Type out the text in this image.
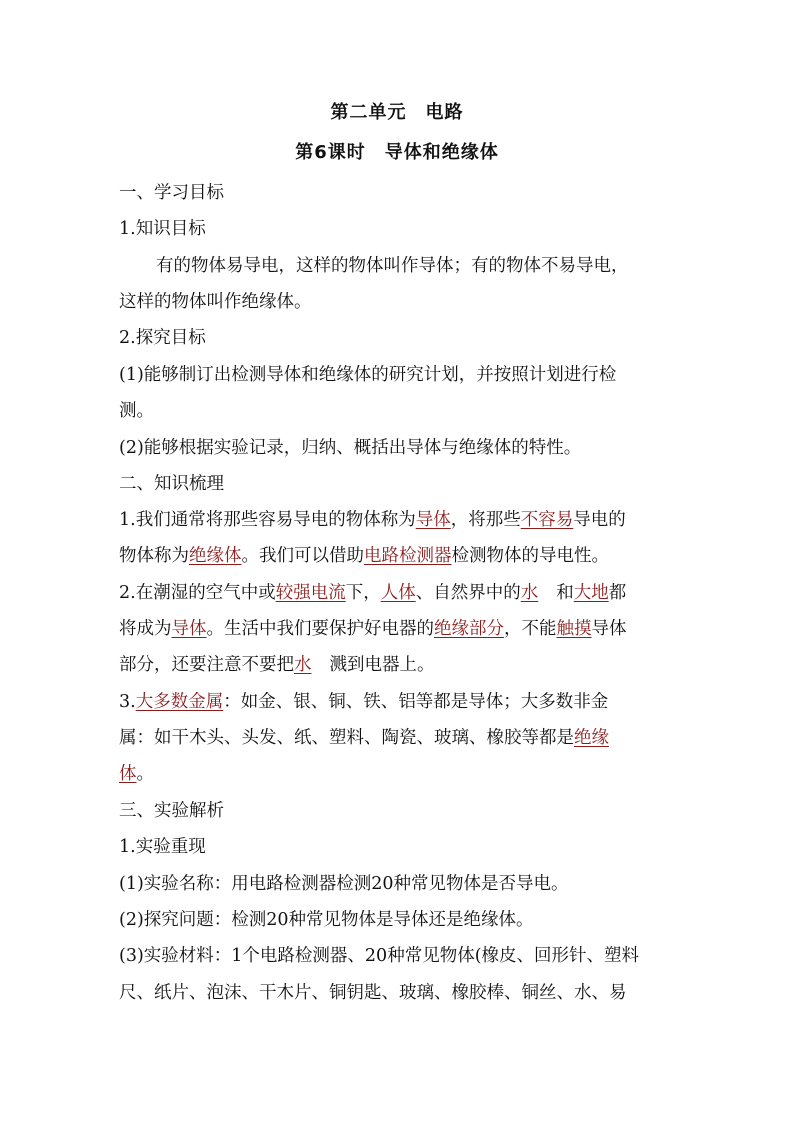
第二单元　电路
第6课时　导体和绝缘体
一、学习目标
1.知识目标
有的物体易导电，这样的物体叫作导体；有的物体不易导电，
这样的物体叫作绝缘体。
2.探究目标
(1)能够制订出检测导体和绝缘体的研究计划，并按照计划进行检
测。
(2)能够根据实验记录，归纳、概括出导体与绝缘体的特性。
二、知识梳理
1.我们通常将那些容易导电的物体称为导体，将那些不容易导电的
物体称为绝缘体。我们可以借助电路检测器检测物体的导电性。
2.在潮湿的空气中或较强电流下，人体、自然界中的水 和大地都
将成为导体。生活中我们要保护好电器的绝缘部分，不能触摸导体
部分，还要注意不要把水 溅到电器上。
3.大多数金属：如金、银、铜、铁、铝等都是导体；大多数非金
属：如干木头、头发、纸、塑料、陶瓷、玻璃、橡胶等都是绝缘
体。
三、实验解析
1.实验重现
(1)实验名称：用电路检测器检测20种常见物体是否导电。
(2)探究问题：检测20种常见物体是导体还是绝缘体。
(3)实验材料：1个电路检测器、20种常见物体(橡皮、回形针、塑料
尺、纸片、泡沫、干木片、铜钥匙、玻璃、橡胶棒、铜丝、水、易
